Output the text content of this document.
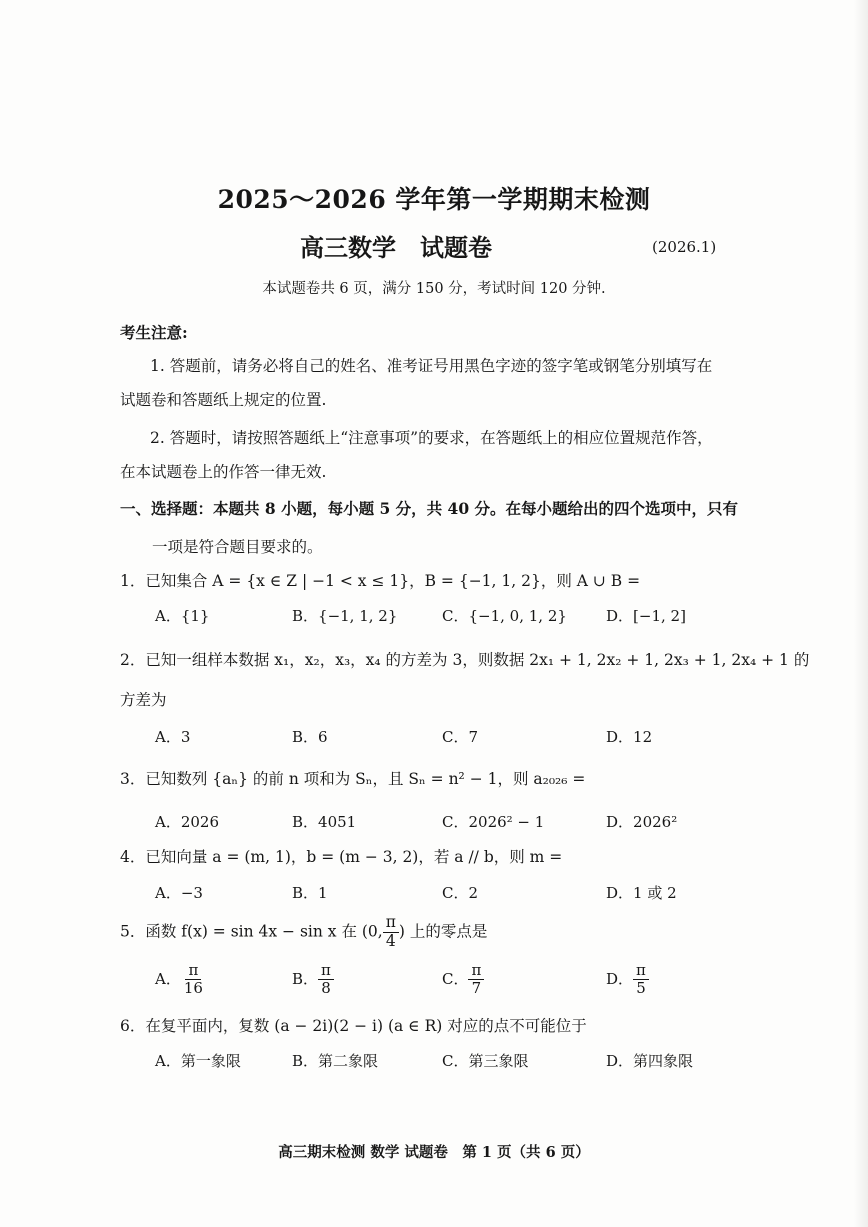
2025～2026 学年第一学期期末检测
高三数学　试题卷	(2026.1)
本试题卷共 6 页，满分 150 分，考试时间 120 分钟.
考生注意:
1. 答题前，请务必将自己的姓名、准考证号用黑色字迹的签字笔或钢笔分别填写在
试题卷和答题纸上规定的位置.
2. 答题时，请按照答题纸上“注意事项”的要求，在答题纸上的相应位置规范作答，
在本试题卷上的作答一律无效.
一、选择题：本题共 8 小题，每小题 5 分，共 40 分。在每小题给出的四个选项中，只有
一项是符合题目要求的。
1．已知集合 A = {x ∈ Z | −1 < x ≤ 1}，B = {−1, 1, 2}，则 A ∪ B =
A．{1}	B．{−1, 1, 2}	C．{−1, 0, 1, 2}	D．[−1, 2]
2．已知一组样本数据 x₁，x₂，x₃，x₄ 的方差为 3，则数据 2x₁ + 1, 2x₂ + 1, 2x₃ + 1, 2x₄ + 1 的
方差为
A．3	B．6	C．7	D．12
3．已知数列 {aₙ} 的前 n 项和为 Sₙ，且 Sₙ = n² − 1，则 a₂₀₂₆ =
A．2026	B．4051	C．2026² − 1	D．2026²
4．已知向量 a = (m, 1)，b = (m − 3, 2)，若 a // b，则 m =
A．−3	B．1	C．2	D．1 或 2
5．函数 f(x) = sin 4x − sin x 在 (0, $\frac{\pi}{4}$ ) 上的零点是
A． $\frac{\pi}{16}$	B． $\frac{\pi}{8}$	C． $\frac{\pi}{7}$	D． $\frac{\pi}{5}$
6．在复平面内，复数 (a − 2i)(2 − i) (a ∈ R) 对应的点不可能位于
A．第一象限	B．第二象限	C．第三象限	D．第四象限
高三期末检测 数学 试题卷　第 1 页（共 6 页）
